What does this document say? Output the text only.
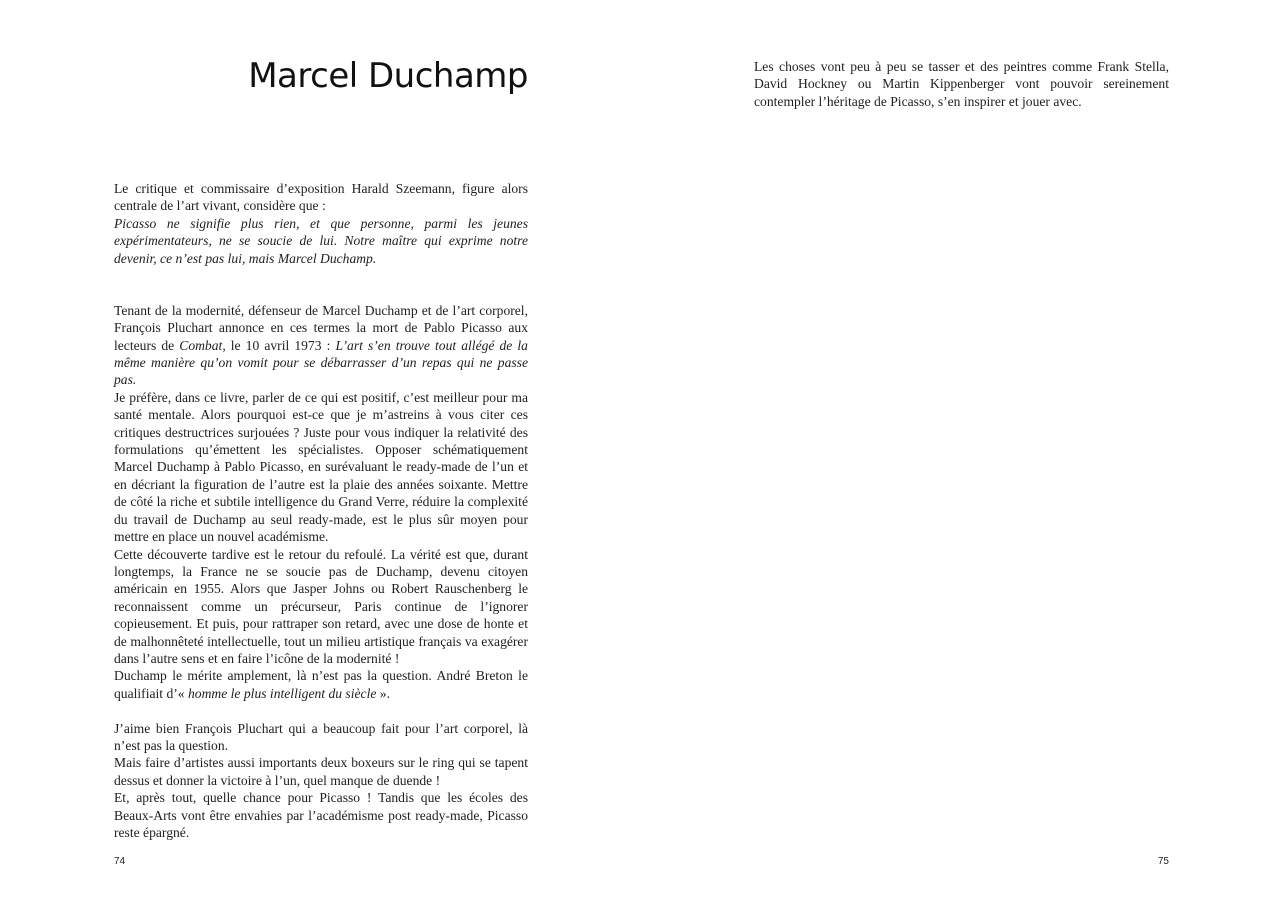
Marcel Duchamp

Le critique et commissaire d’exposition Harald Szeemann, figure alors centrale de l’art vivant, considère que :
Picasso ne signifie plus rien, et que personne, parmi les jeunes expérimentateurs, ne se soucie de lui. Notre maître qui exprime notre devenir, ce n’est pas lui, mais Marcel Duchamp.

Tenant de la modernité, défenseur de Marcel Duchamp et de l’art corporel, François Pluchart annonce en ces termes la mort de Pablo Picasso aux lecteurs de Combat, le 10 avril 1973 : L’art s’en trouve tout allégé de la même manière qu’on vomit pour se débarrasser d’un repas qui ne passe pas.

Je préfère, dans ce livre, parler de ce qui est positif, c’est meilleur pour ma santé mentale. Alors pourquoi est-ce que je m’astreins à vous citer ces critiques destructrices surjouées ? Juste pour vous indiquer la relativité des formulations qu’émettent les spécialistes. Opposer schématiquement Marcel Duchamp à Pablo Picasso, en surévaluant le ready-made de l’un et en décriant la figuration de l’autre est la plaie des années soixante. Mettre de côté la riche et subtile intelligence du Grand Verre, réduire la complexité du travail de Duchamp au seul ready-made, est le plus sûr moyen pour mettre en place un nouvel académisme.

Cette découverte tardive est le retour du refoulé. La vérité est que, durant longtemps, la France ne se soucie pas de Duchamp, devenu citoyen américain en 1955. Alors que Jasper Johns ou Robert Rauschenberg le reconnaissent comme un précurseur, Paris continue de l’ignorer copieusement. Et puis, pour rattraper son retard, avec une dose de honte et de malhonnêteté intellectuelle, tout un milieu artistique français va exagérer dans l’autre sens et en faire l’icône de la modernité !

Duchamp le mérite amplement, là n’est pas la question. André Breton le qualifiait d’« homme le plus intelligent du siècle ».

J’aime bien François Pluchart qui a beaucoup fait pour l’art corporel, là n’est pas la question.

Mais faire d’artistes aussi importants deux boxeurs sur le ring qui se tapent dessus et donner la victoire à l’un, quel manque de duende !

Et, après tout, quelle chance pour Picasso ! Tandis que les écoles des Beaux-Arts vont être envahies par l’académisme post ready-made, Picasso reste épargné.

74

Les choses vont peu à peu se tasser et des peintres comme Frank Stella, David Hockney ou Martin Kippenberger vont pouvoir sereinement contempler l’héritage de Picasso, s’en inspirer et jouer avec.

75
